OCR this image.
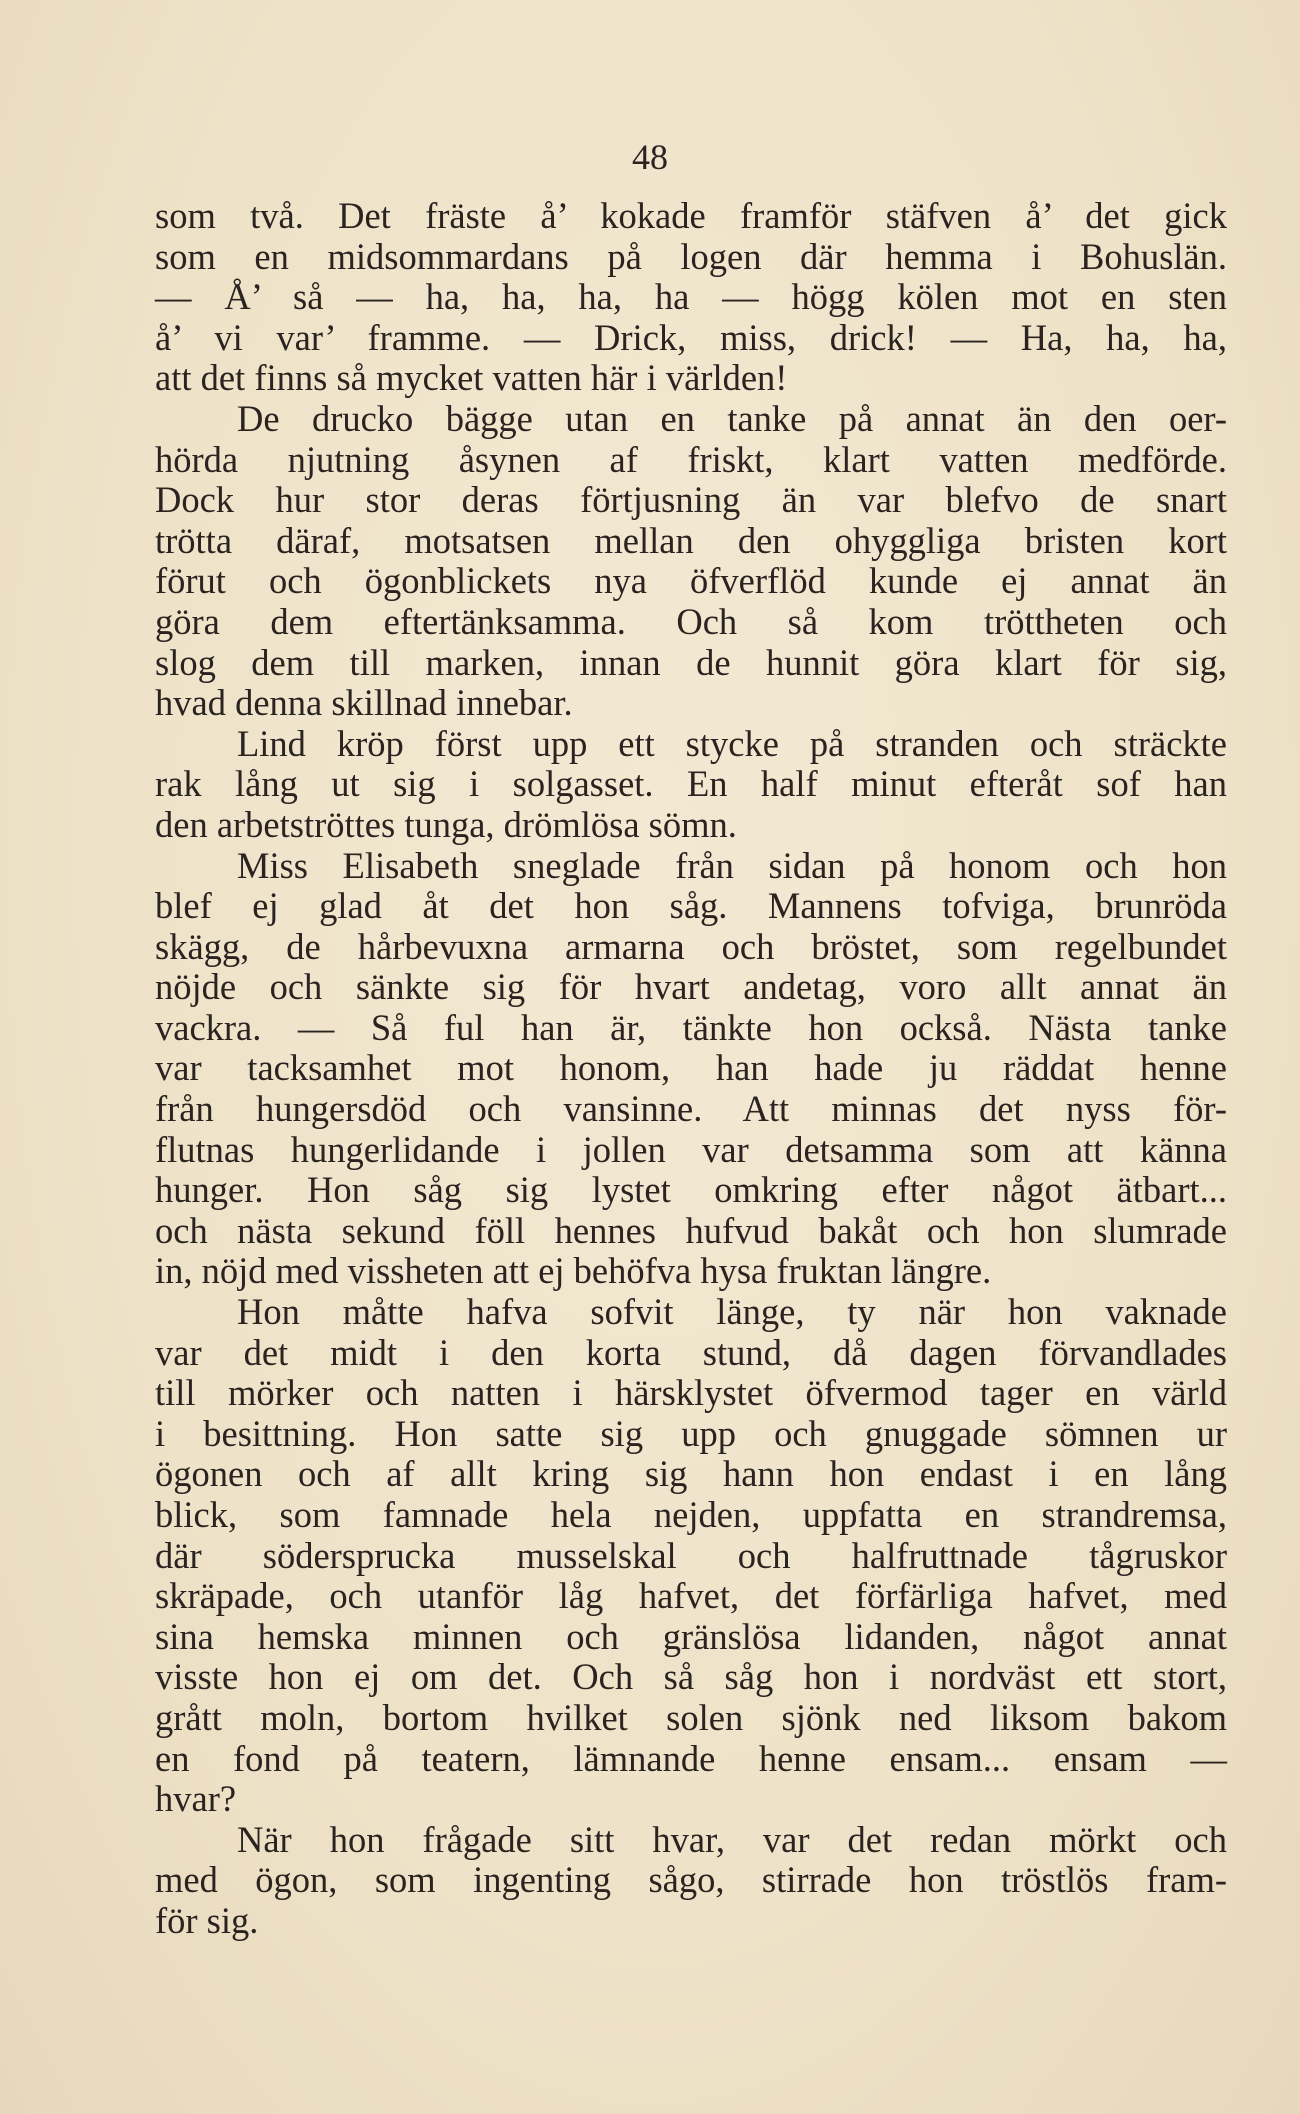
48
som två. Det fräste å’ kokade framför stäfven å’ det gick
som en midsommardans på logen där hemma i Bohuslän.
— Å’ så — ha, ha, ha, ha — högg kölen mot en sten
å’ vi var’ framme. — Drick, miss, drick! — Ha, ha, ha,
att det finns så mycket vatten här i världen!
De drucko bägge utan en tanke på annat än den oer-
hörda njutning åsynen af friskt, klart vatten medförde.
Dock hur stor deras förtjusning än var blefvo de snart
trötta däraf, motsatsen mellan den ohyggliga bristen kort
förut och ögonblickets nya öfverflöd kunde ej annat än
göra dem eftertänksamma. Och så kom tröttheten och
slog dem till marken, innan de hunnit göra klart för sig,
hvad denna skillnad innebar.
Lind kröp först upp ett stycke på stranden och sträckte
rak lång ut sig i solgasset. En half minut efteråt sof han
den arbetströttes tunga, drömlösa sömn.
Miss Elisabeth sneglade från sidan på honom och hon
blef ej glad åt det hon såg. Mannens tofviga, brunröda
skägg, de hårbevuxna armarna och bröstet, som regelbundet
nöjde och sänkte sig för hvart andetag, voro allt annat än
vackra. — Så ful han är, tänkte hon också. Nästa tanke
var tacksamhet mot honom, han hade ju räddat henne
från hungersdöd och vansinne. Att minnas det nyss för-
flutnas hungerlidande i jollen var detsamma som att känna
hunger. Hon såg sig lystet omkring efter något ätbart...
och nästa sekund föll hennes hufvud bakåt och hon slumrade
in, nöjd med vissheten att ej behöfva hysa fruktan längre.
Hon måtte hafva sofvit länge, ty när hon vaknade
var det midt i den korta stund, då dagen förvandlades
till mörker och natten i härsklystet öfvermod tager en värld
i besittning. Hon satte sig upp och gnuggade sömnen ur
ögonen och af allt kring sig hann hon endast i en lång
blick, som famnade hela nejden, uppfatta en strandremsa,
där södersprucka musselskal och halfruttnade tågruskor
skräpade, och utanför låg hafvet, det förfärliga hafvet, med
sina hemska minnen och gränslösa lidanden, något annat
visste hon ej om det. Och så såg hon i nordväst ett stort,
grått moln, bortom hvilket solen sjönk ned liksom bakom
en fond på teatern, lämnande henne ensam... ensam —
hvar?
När hon frågade sitt hvar, var det redan mörkt och
med ögon, som ingenting sågo, stirrade hon tröstlös fram-
för sig.
